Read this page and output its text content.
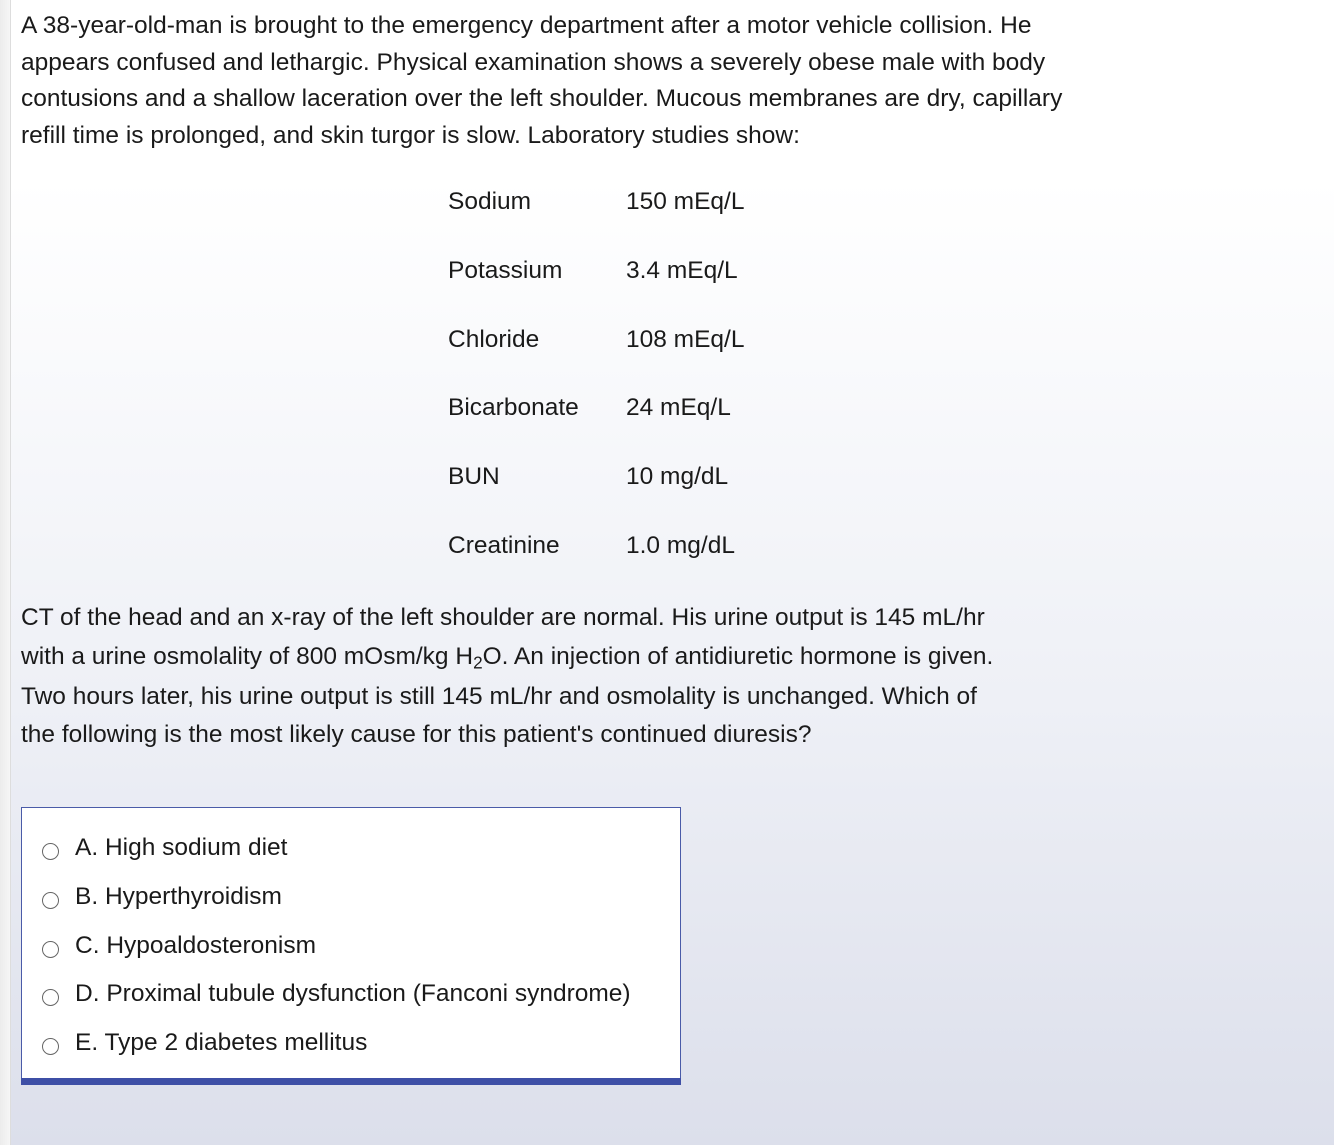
A 38-year-old-man is brought to the emergency department after a motor vehicle collision. He appears confused and lethargic. Physical examination shows a severely obese male with body contusions and a shallow laceration over the left shoulder. Mucous membranes are dry, capillary refill time is prolonged, and skin turgor is slow. Laboratory studies show:

Sodium	150 mEq/L
Potassium	3.4 mEq/L
Chloride	108 mEq/L
Bicarbonate 24 mEq/L
BUN	10 mg/dL
Creatinine	1.0 mg/dL

CT of the head and an x-ray of the left shoulder are normal. His urine output is 145 mL/hr
with a urine osmolality of 800 mOsm/kg $H_2O$. An injection of antidiuretic hormone is given.
Two hours later, his urine output is still 145 mL/hr and osmolality is unchanged. Which of
the following is the most likely cause for this patient's continued diuresis?

A. High sodium diet
B. Hyperthyroidism
C. Hypoaldosteronism
D. Proximal tubule dysfunction (Fanconi syndrome)
E. Type 2 diabetes mellitus
